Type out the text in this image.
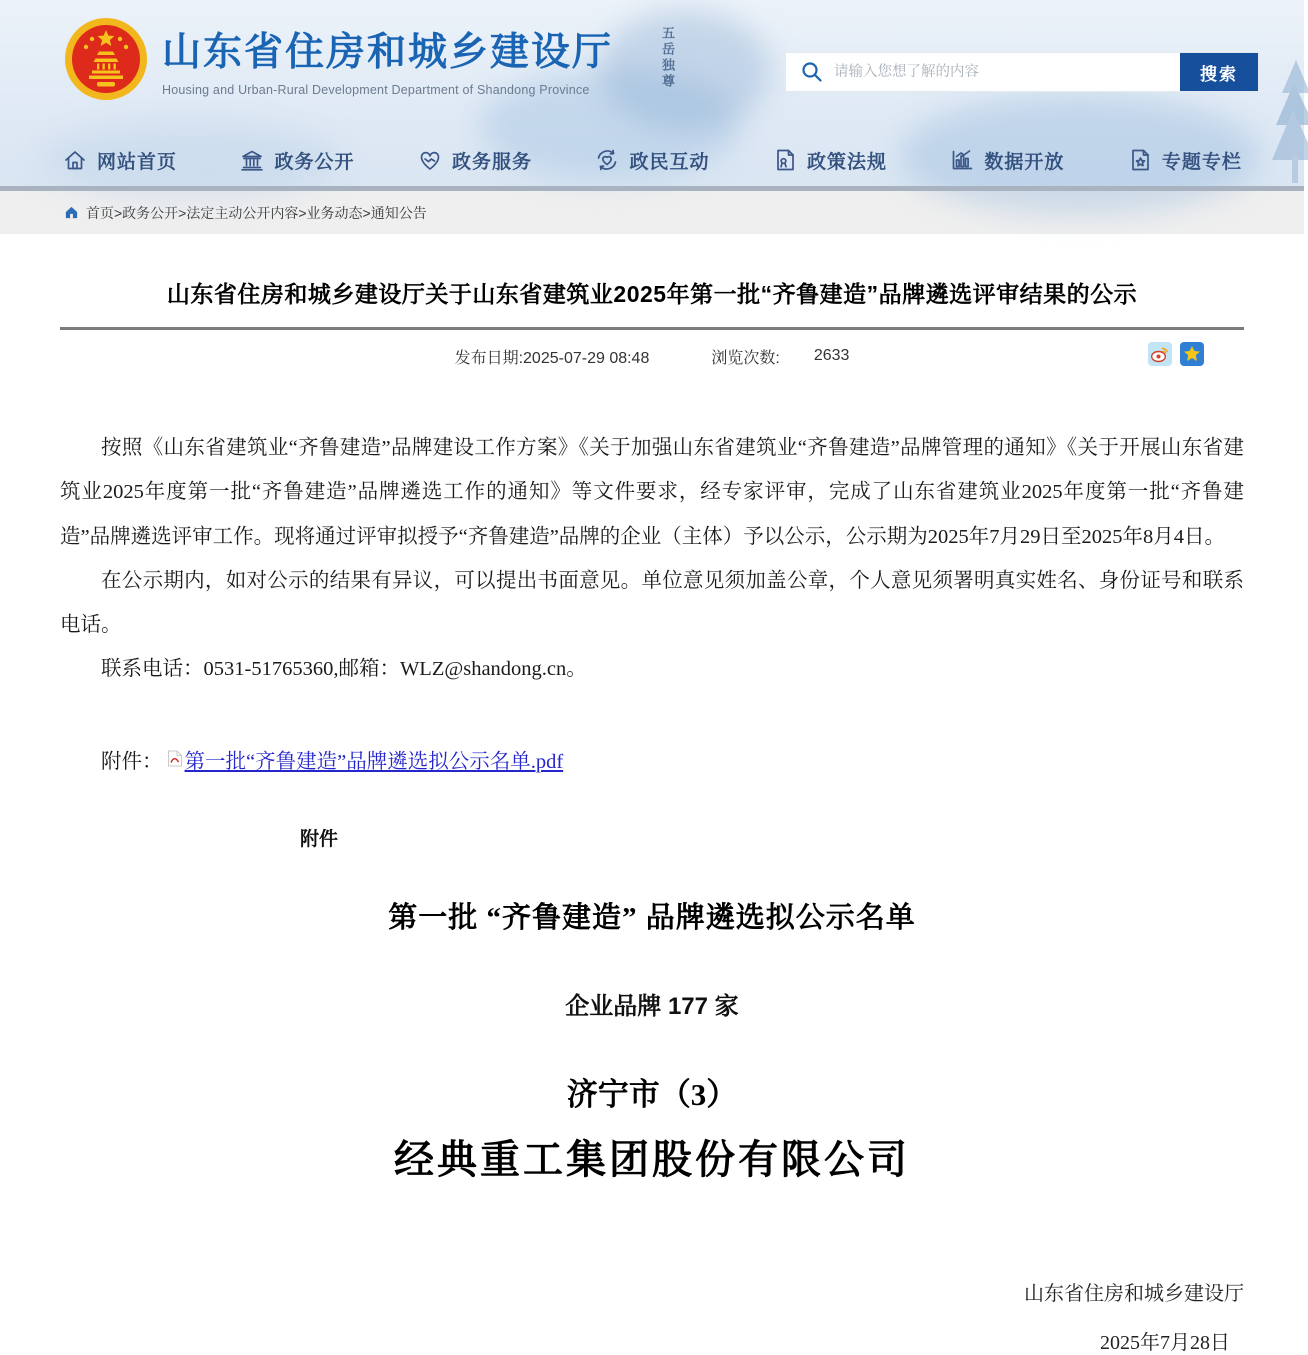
五岳独尊
山东省住房和城乡建设厅
Housing and Urban-Rural Development Department of Shandong Province
请输入您想了解的内容
搜索
网站首页	政务公开	政务服务	政民互动	政策法规	数据开放	专题专栏
首页>政务公开>法定主动公开内容>业务动态>通知公告
山东省住房和城乡建设厅关于山东省建筑业2025年第一批“齐鲁建造”品牌遴选评审结果的公示
发布日期:2025-07-29 08:48	浏览次数: 2633

按照《山东省建筑业“齐鲁建造”品牌建设工作方案》《关于加强山东省建筑业“齐鲁建造”品牌管理的通知》《关于开展山东省建筑业2025年度第一批“齐鲁建造”品牌遴选工作的通知》等文件要求，经专家评审，完成了山东省建筑业2025年度第一批“齐鲁建造”品牌遴选评审工作。现将通过评审拟授予“齐鲁建造”品牌的企业（主体）予以公示，公示期为2025年7月29日至2025年8月4日。

在公示期内，如对公示的结果有异议，可以提出书面意见。单位意见须加盖公章，个人意见须署明真实姓名、身份证号和联系电话。

联系电话：0531-51765360,邮箱：WLZ@shandong.cn。

附件： 第一批“齐鲁建造”品牌遴选拟公示名单.pdf
附件
第一批 “齐鲁建造” 品牌遴选拟公示名单
企业品牌 177 家
济宁市（3）
经典重工集团股份有限公司
山东省住房和城乡建设厅
2025年7月28日
